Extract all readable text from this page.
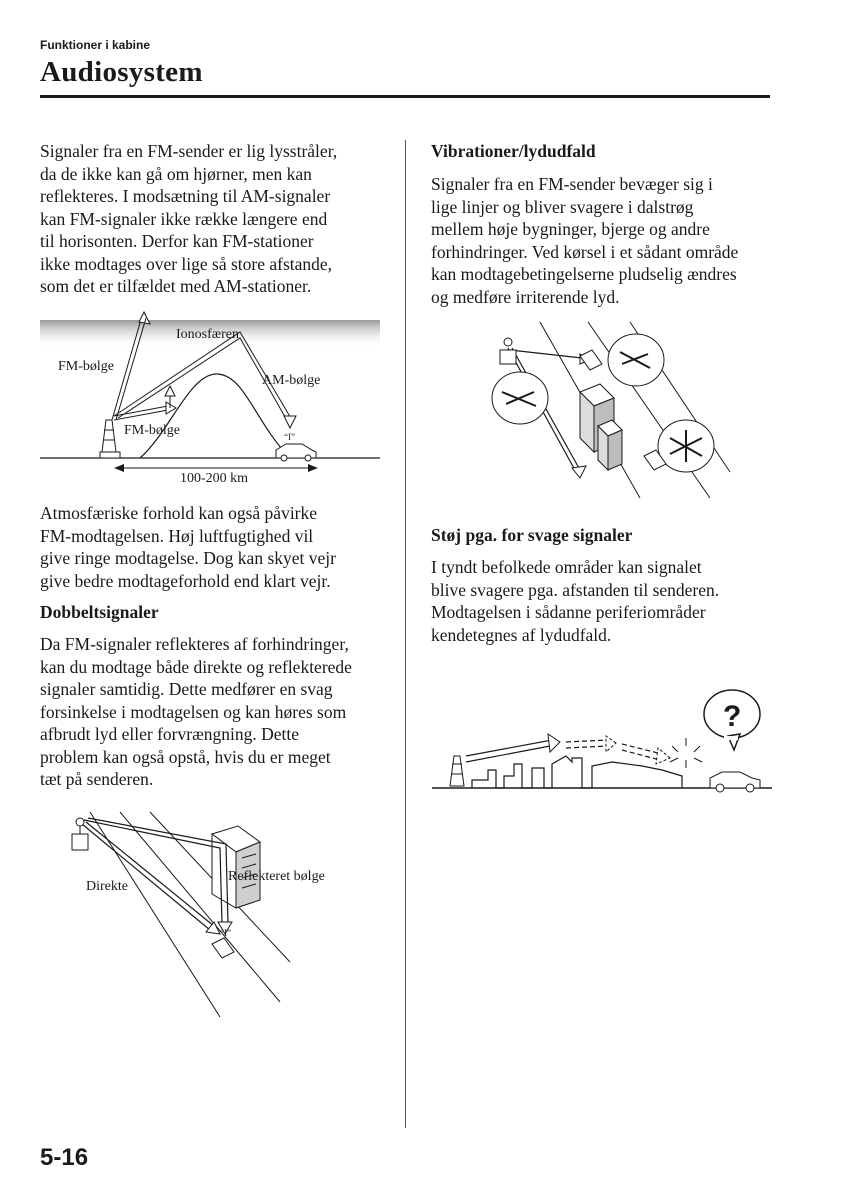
Funktioner i kabine
Audiosystem

Signaler fra en FM-sender er lig lysstråler,
da de ikke kan gå om hjørner, men kan
reflekteres. I modsætning til AM-signaler
kan FM-signaler ikke række længere end
til horisonten. Derfor kan FM-stationer
ikke modtages over lige så store afstande,
som det er tilfældet med AM-stationer.

“I”
Ionosfæren
FM-bølge
AM-bølge
FM-bølge
100-200 km

Atmosfæriske forhold kan også påvirke
FM-modtagelsen. Høj luftfugtighed vil
give ringe modtagelse. Dog kan skyet vejr
give bedre modtageforhold end klart vejr.

Dobbeltsignaler

Da FM-signaler reflekteres af forhindringer,
kan du modtage både direkte og reflekterede
signaler samtidig. Dette medfører en svag
forsinkelse i modtagelsen og kan høres som
afbrudt lyd eller forvrængning. Dette
problem kan også opstå, hvis du er meget
tæt på senderen.

“I”
Direkte
Reflekteret bølge
Vibrationer/lydudfald

Signaler fra en FM-sender bevæger sig i
lige linjer og bliver svagere i dalstrøg
mellem høje bygninger, bjerge og andre
forhindringer. Ved kørsel i et sådant område
kan modtagebetingelserne pludselig ændres
og medføre irriterende lyd.

Støj pga. for svage signaler

I tyndt befolkede områder kan signalet
blive svagere pga. afstanden til senderen.
Modtagelsen i sådanne periferiområder
kendetegnes af lydudfald.

?
5-16
